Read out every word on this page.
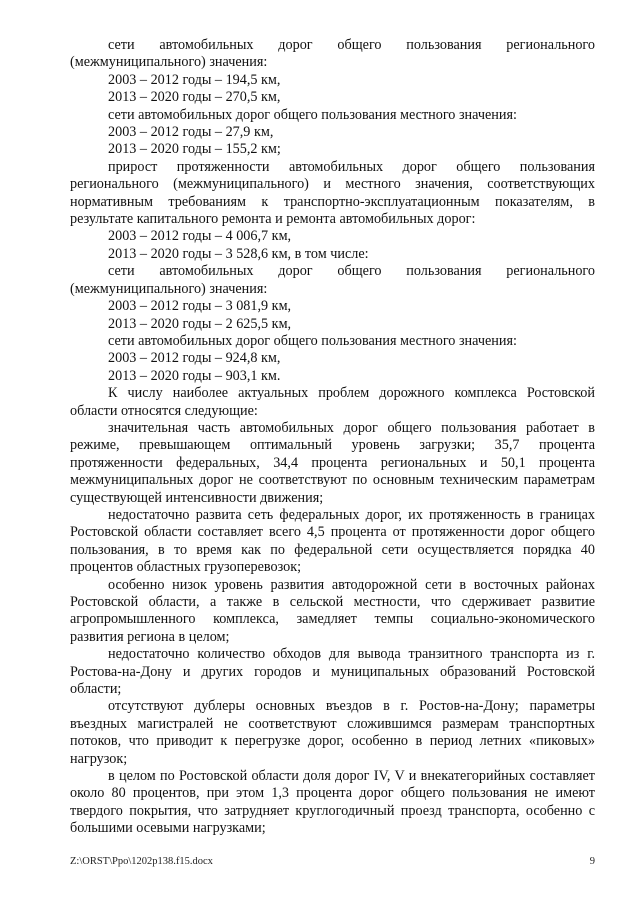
сети автомобильных дорог общего пользования регионального (межмуниципального) значения:

2003 – 2012 годы – 194,5 км,

2013 – 2020 годы – 270,5 км,

сети автомобильных дорог общего пользования местного значения:

2003 – 2012 годы – 27,9 км,

2013 – 2020 годы – 155,2 км;

прирост протяженности автомобильных дорог общего пользования регионального (межмуниципального) и местного значения, соответствующих нормативным требованиям к транспортно-эксплуатационным показателям, в результате капитального ремонта и ремонта автомобильных дорог:

2003 – 2012 годы – 4 006,7 км,

2013 – 2020 годы – 3 528,6 км, в том числе:

сети автомобильных дорог общего пользования регионального (межмуниципального) значения:

2003 – 2012 годы – 3 081,9 км,

2013 – 2020 годы – 2 625,5 км,

сети автомобильных дорог общего пользования местного значения:

2003 – 2012 годы – 924,8 км,

2013 – 2020 годы – 903,1 км.

К числу наиболее актуальных проблем дорожного комплекса Ростовской области относятся следующие:

значительная часть автомобильных дорог общего пользования работает в режиме, превышающем оптимальный уровень загрузки; 35,7 процента протяженности федеральных, 34,4 процента региональных и 50,1 процента межмуниципальных дорог не соответствуют по основным техническим параметрам существующей интенсивности движения;

недостаточно развита сеть федеральных дорог, их протяженность в границах Ростовской области составляет всего 4,5 процента от протяженности дорог общего пользования, в то время как по федеральной сети осуществляется порядка 40 процентов областных грузоперевозок;

особенно низок уровень развития автодорожной сети в восточных районах Ростовской области, а также в сельской местности, что сдерживает развитие агропромышленного комплекса, замедляет темпы социально-экономического развития региона в целом;

недостаточно количество обходов для вывода транзитного транспорта из г. Ростова-на-Дону и других городов и муниципальных образований Ростовской области;

отсутствуют дублеры основных въездов в г. Ростов-на-Дону; параметры въездных магистралей не соответствуют сложившимся размерам транспортных потоков, что приводит к перегрузке дорог, особенно в период летних «пиковых» нагрузок;

в целом по Ростовской области доля дорог IV, V и внекатегорийных составляет около 80 процентов, при этом 1,3 процента дорог общего пользования не имеют твердого покрытия, что затрудняет круглогодичный проезд транспорта, особенно с большими осевыми нагрузками;

Z:\ORST\Ppo\1202p138.f15.docx	9
